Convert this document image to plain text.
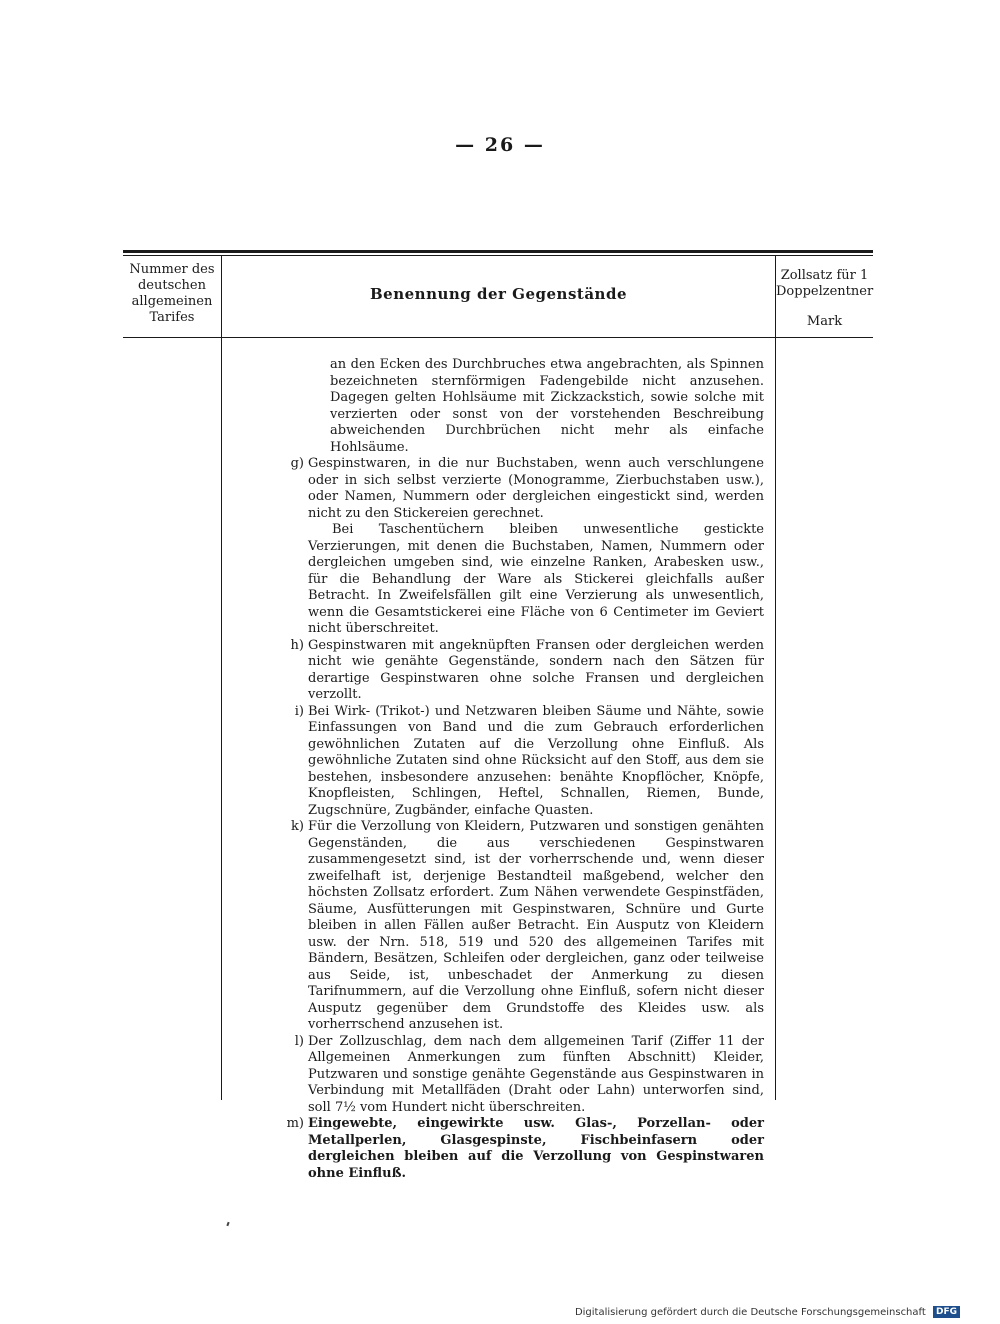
— 26 —
Nummer des deutschen allgemeinen Tarifes
Benennung der Gegenstände
Zollsatz für 1 Doppelzentner
Mark
an den Ecken des Durchbruches etwa angebrachten, als Spinnen bezeichneten sternförmigen Fadengebilde nicht anzusehen. Dagegen gelten Hohlsäume mit Zickzackstich, sowie solche mit verzierten oder sonst von der vorstehenden Beschreibung abweichenden Durchbrüchen nicht mehr als einfache Hohlsäume.
g) Gespinstwaren, in die nur Buchstaben, wenn auch verschlungene oder in sich selbst verzierte (Monogramme, Zierbuchstaben usw.), oder Namen, Nummern oder dergleichen eingestickt sind, werden nicht zu den Stickereien gerechnet.
Bei Taschentüchern bleiben unwesentliche gestickte Verzierungen, mit denen die Buchstaben, Namen, Nummern oder dergleichen umgeben sind, wie einzelne Ranken, Arabesken usw., für die Behandlung der Ware als Stickerei gleichfalls außer Betracht. In Zweifelsfällen gilt eine Verzierung als unwesentlich, wenn die Gesamtstickerei eine Fläche von 6 Centimeter im Geviert nicht überschreitet.
h) Gespinstwaren mit angeknüpften Fransen oder dergleichen werden nicht wie genähte Gegenstände, sondern nach den Sätzen für derartige Gespinstwaren ohne solche Fransen und dergleichen verzollt.
i) Bei Wirk- (Trikot-) und Netzwaren bleiben Säume und Nähte, sowie Einfassungen von Band und die zum Gebrauch erforderlichen gewöhnlichen Zutaten auf die Verzollung ohne Einfluß. Als gewöhnliche Zutaten sind ohne Rücksicht auf den Stoff, aus dem sie bestehen, insbesondere anzusehen: benähte Knopflöcher, Knöpfe, Knopfleisten, Schlingen, Heftel, Schnallen, Riemen, Bunde, Zugschnüre, Zugbänder, einfache Quasten.
k) Für die Verzollung von Kleidern, Putzwaren und sonstigen genähten Gegenständen, die aus verschiedenen Gespinstwaren zusammengesetzt sind, ist der vorherrschende und, wenn dieser zweifelhaft ist, derjenige Bestandteil maßgebend, welcher den höchsten Zollsatz erfordert. Zum Nähen verwendete Gespinstfäden, Säume, Ausfütterungen mit Gespinstwaren, Schnüre und Gurte bleiben in allen Fällen außer Betracht. Ein Ausputz von Kleidern usw. der Nrn. 518, 519 und 520 des allgemeinen Tarifes mit Bändern, Besätzen, Schleifen oder dergleichen, ganz oder teilweise aus Seide, ist, unbeschadet der Anmerkung zu diesen Tarifnummern, auf die Verzollung ohne Einfluß, sofern nicht dieser Ausputz gegenüber dem Grundstoffe des Kleides usw. als vorherrschend anzusehen ist.
l) Der Zollzuschlag, dem nach dem allgemeinen Tarif (Ziffer 11 der Allgemeinen Anmerkungen zum fünften Abschnitt) Kleider, Putzwaren und sonstige genähte Gegenstände aus Gespinstwaren in Verbindung mit Metallfäden (Draht oder Lahn) unterworfen sind, soll 7½ vom Hundert nicht überschreiten.
m) Eingewebte, eingewirkte usw. Glas-, Porzellan- oder Metallperlen, Glasgespinste, Fischbeinfasern oder dergleichen bleiben auf die Verzollung von Gespinstwaren ohne Einfluß.
Digitalisierung gefördert durch die Deutsche Forschungsgemeinschaft DFG
